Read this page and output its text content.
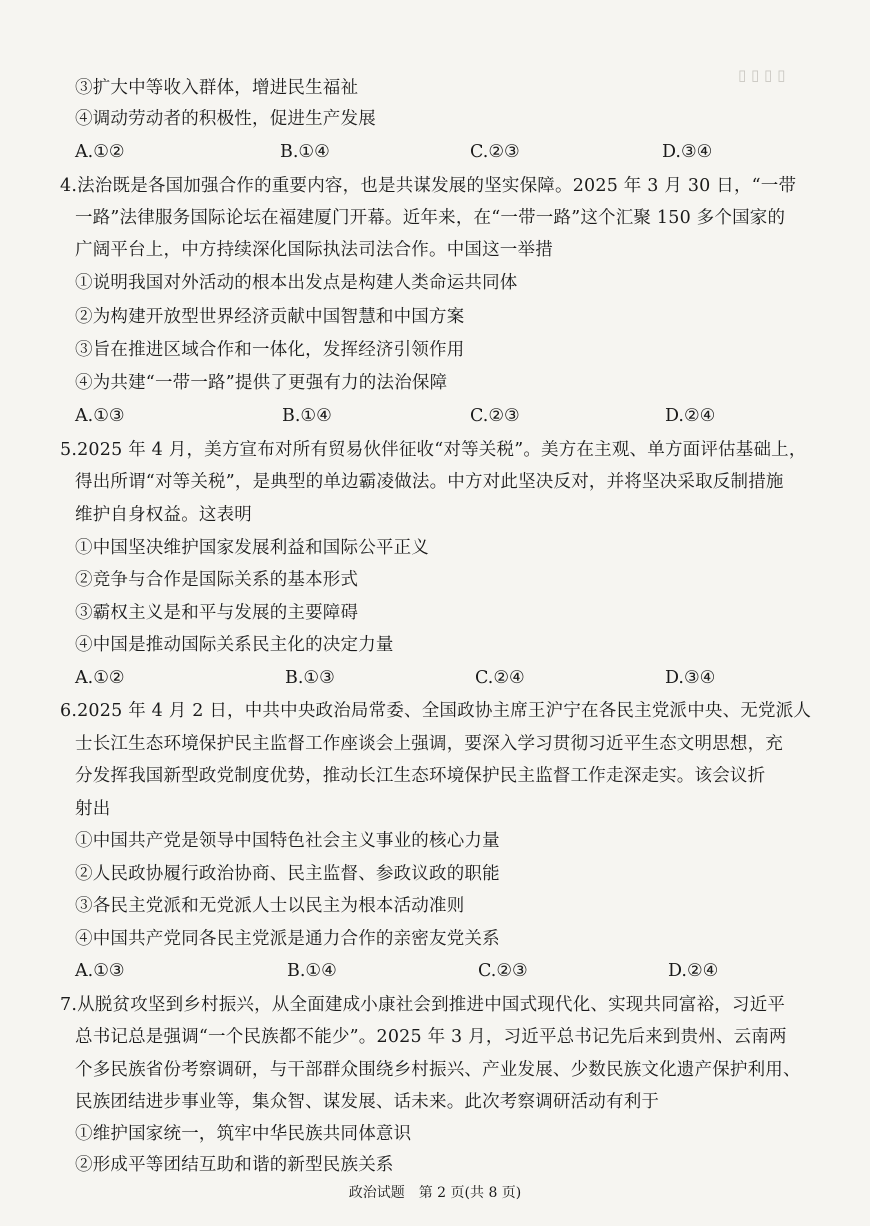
▯ ▯ ▯ ▯
③扩大中等收入群体，增进民生福祉
④调动劳动者的积极性，促进生产发展
A.①②	B.①④	C.②③	D.③④
4.法治既是各国加强合作的重要内容，也是共谋发展的坚实保障。2025 年 3 月 30 日，“一带
一路”法律服务国际论坛在福建厦门开幕。近年来，在“一带一路”这个汇聚 150 多个国家的
广阔平台上，中方持续深化国际执法司法合作。中国这一举措
①说明我国对外活动的根本出发点是构建人类命运共同体
②为构建开放型世界经济贡献中国智慧和中国方案
③旨在推进区域合作和一体化，发挥经济引领作用
④为共建“一带一路”提供了更强有力的法治保障
A.①③	B.①④	C.②③	D.②④
5.2025 年 4 月，美方宣布对所有贸易伙伴征收“对等关税”。美方在主观、单方面评估基础上，
得出所谓“对等关税”，是典型的单边霸凌做法。中方对此坚决反对，并将坚决采取反制措施
维护自身权益。这表明
①中国坚决维护国家发展利益和国际公平正义
②竞争与合作是国际关系的基本形式
③霸权主义是和平与发展的主要障碍
④中国是推动国际关系民主化的决定力量
A.①②	B.①③	C.②④	D.③④
6.2025 年 4 月 2 日，中共中央政治局常委、全国政协主席王沪宁在各民主党派中央、无党派人
士长江生态环境保护民主监督工作座谈会上强调，要深入学习贯彻习近平生态文明思想，充
分发挥我国新型政党制度优势，推动长江生态环境保护民主监督工作走深走实。该会议折
射出
①中国共产党是领导中国特色社会主义事业的核心力量
②人民政协履行政治协商、民主监督、参政议政的职能
③各民主党派和无党派人士以民主为根本活动准则
④中国共产党同各民主党派是通力合作的亲密友党关系
A.①③	B.①④	C.②③	D.②④
7.从脱贫攻坚到乡村振兴，从全面建成小康社会到推进中国式现代化、实现共同富裕，习近平
总书记总是强调“一个民族都不能少”。2025 年 3 月，习近平总书记先后来到贵州、云南两
个多民族省份考察调研，与干部群众围绕乡村振兴、产业发展、少数民族文化遗产保护利用、
民族团结进步事业等，集众智、谋发展、话未来。此次考察调研活动有利于
①维护国家统一，筑牢中华民族共同体意识
②形成平等团结互助和谐的新型民族关系
政治试题　第 2 页(共 8 页)
